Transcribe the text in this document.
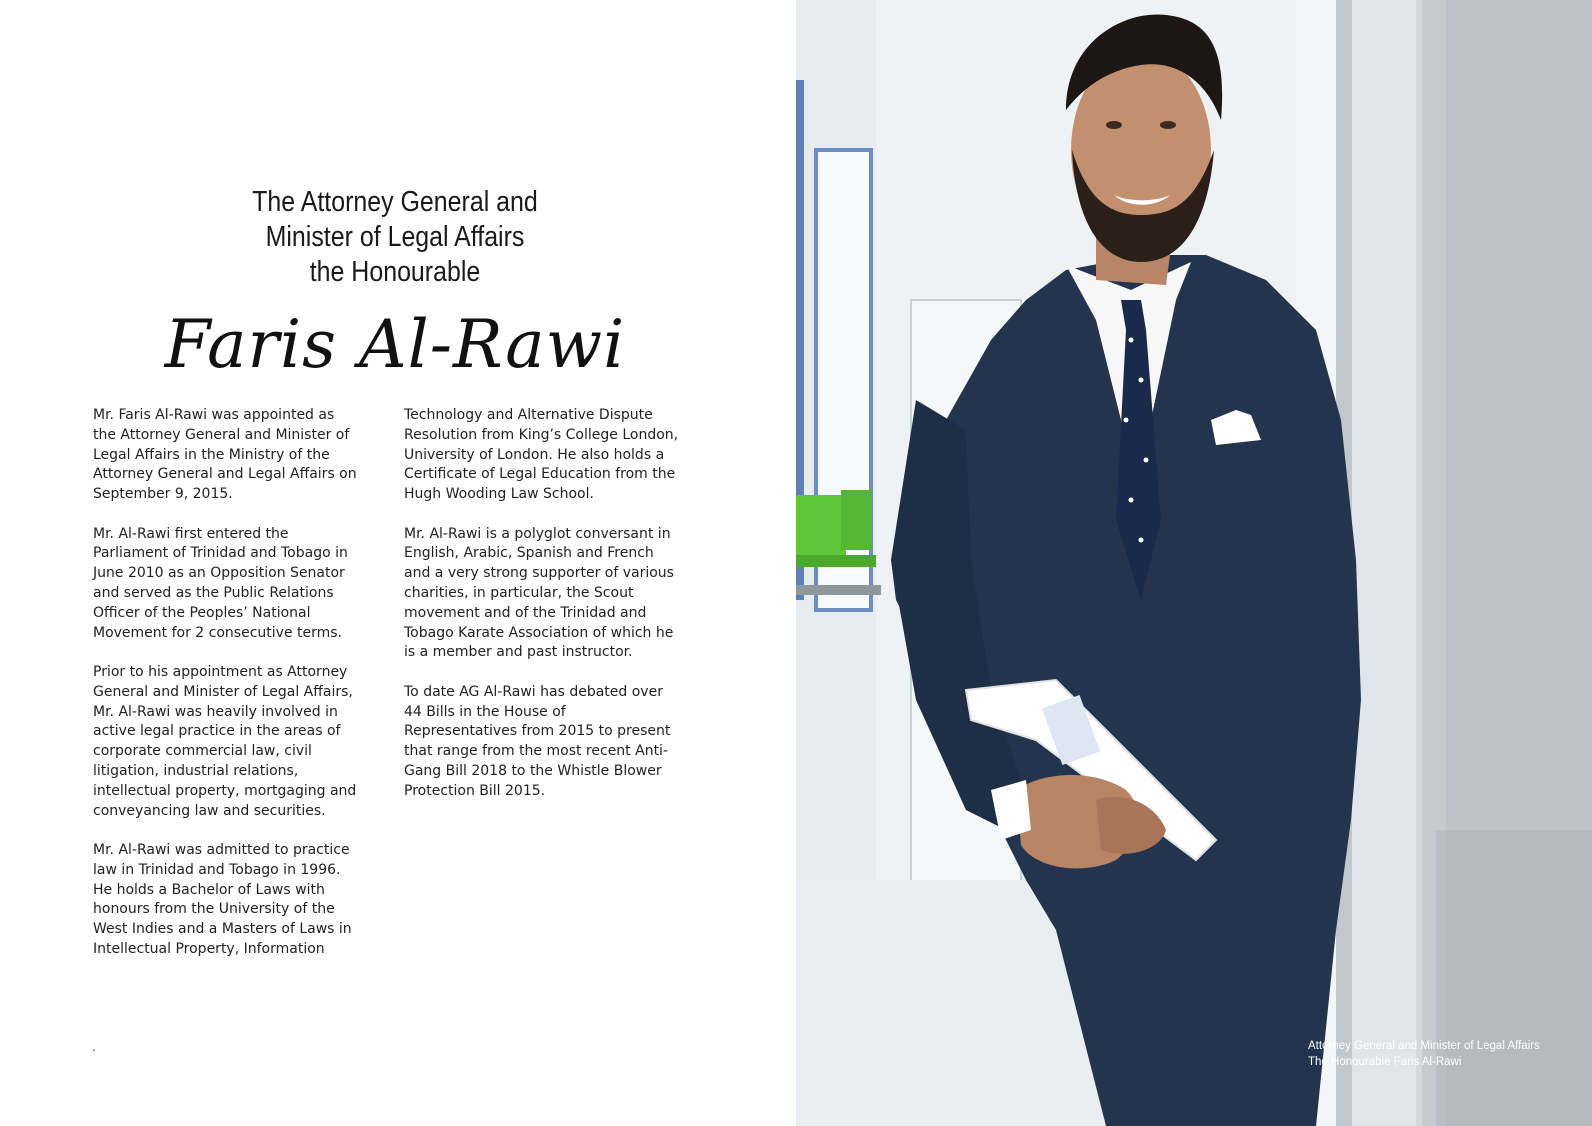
The Attorney General and
Minister of Legal Affairs
the Honourable
Faris Al-Rawi

Mr. Faris Al-Rawi was appointed as the Attorney General and Minister of Legal Affairs in the Ministry of the Attorney General and Legal Affairs on September 9, 2015.

Mr. Al-Rawi first entered the Parliament of Trinidad and Tobago in June 2010 as an Opposition Senator and served as the Public Relations Officer of the Peoples’ National Movement for 2 consecutive terms.

Prior to his appointment as Attorney General and Minister of Legal Affairs, Mr. Al-Rawi was heavily involved in active legal practice in the areas of corporate commercial law, civil litigation, industrial relations, intellectual property, mortgaging and conveyancing law and securities.

Mr. Al-Rawi was admitted to practice law in Trinidad and Tobago in 1996. He holds a Bachelor of Laws with honours from the University of the West Indies and a Masters of Laws in Intellectual Property, Information

Technology and Alternative Dispute Resolution from King’s College London, University of London. He also holds a Certificate of Legal Education from the Hugh Wooding Law School.

Mr. Al-Rawi is a polyglot conversant in English, Arabic, Spanish and French and a very strong supporter of various charities, in particular, the Scout movement and of the Trinidad and Tobago Karate Association of which he is a member and past instructor.

To date AG Al-Rawi has debated over 44 Bills in the House of Representatives from 2015 to present that range from the most recent Anti-Gang Bill 2018 to the Whistle Blower Protection Bill 2015.

.	Attorney General and Minister of Legal Affairs
The Honourable Faris Al-Rawi
